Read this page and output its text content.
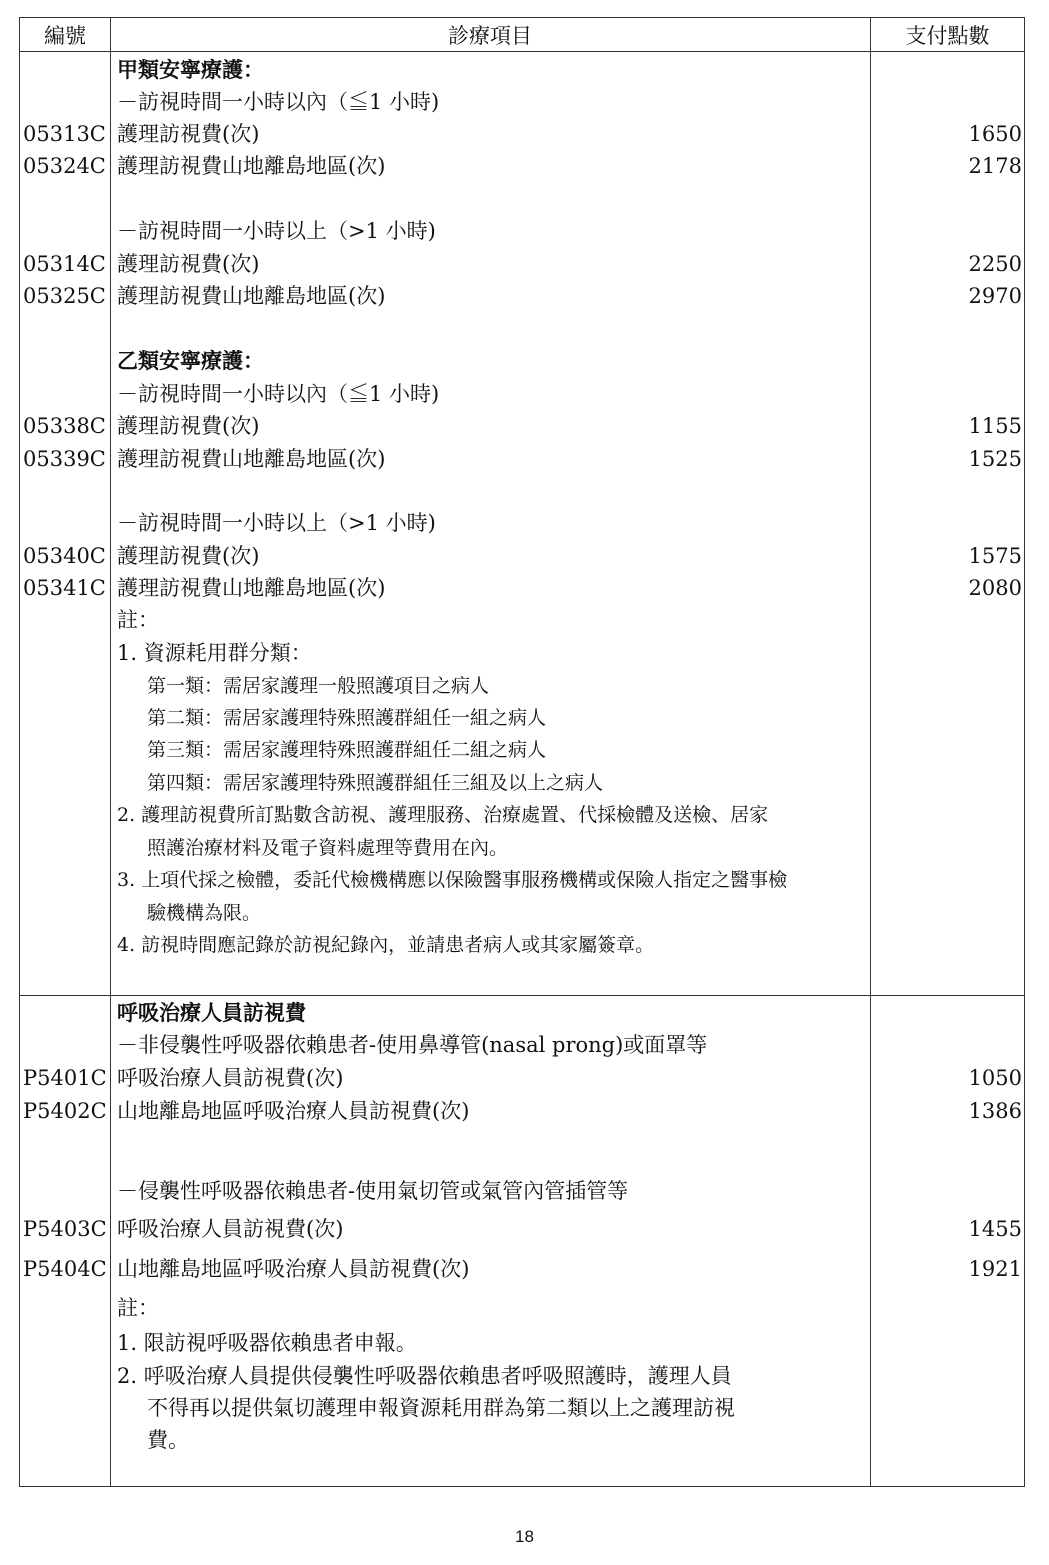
編號	診療項目	支付點數
甲類安寧療護：
－訪視時間一小時以內（≦1 小時)
05313C 護理訪視費(次)	1650
05324C 護理訪視費山地離島地區(次)	2178
－訪視時間一小時以上（>1 小時)
05314C 護理訪視費(次)	2250
05325C 護理訪視費山地離島地區(次)	2970
乙類安寧療護：
－訪視時間一小時以內（≦1 小時)
05338C 護理訪視費(次)	1155
05339C 護理訪視費山地離島地區(次)	1525
－訪視時間一小時以上（>1 小時)
05340C 護理訪視費(次)	1575
05341C 護理訪視費山地離島地區(次)	2080
註：
1. 資源耗用群分類：
第一類：需居家護理一般照護項目之病人
第二類：需居家護理特殊照護群組任一組之病人
第三類：需居家護理特殊照護群組任二組之病人
第四類：需居家護理特殊照護群組任三組及以上之病人
2. 護理訪視費所訂點數含訪視、護理服務、治療處置、代採檢體及送檢、居家
照護治療材料及電子資料處理等費用在內。
3. 上項代採之檢體，委託代檢機構應以保險醫事服務機構或保險人指定之醫事檢
驗機構為限。
4. 訪視時間應記錄於訪視紀錄內，並請患者病人或其家屬簽章。
呼吸治療人員訪視費
－非侵襲性呼吸器依賴患者-使用鼻導管(nasal prong)或面罩等
P5401C 呼吸治療人員訪視費(次)	1050
P5402C 山地離島地區呼吸治療人員訪視費(次)	1386
－侵襲性呼吸器依賴患者-使用氣切管或氣管內管插管等
P5403C 呼吸治療人員訪視費(次)	1455
P5404C 山地離島地區呼吸治療人員訪視費(次)	1921
註：
1. 限訪視呼吸器依賴患者申報。
2. 呼吸治療人員提供侵襲性呼吸器依賴患者呼吸照護時，護理人員
不得再以提供氣切護理申報資源耗用群為第二類以上之護理訪視
費。
18
